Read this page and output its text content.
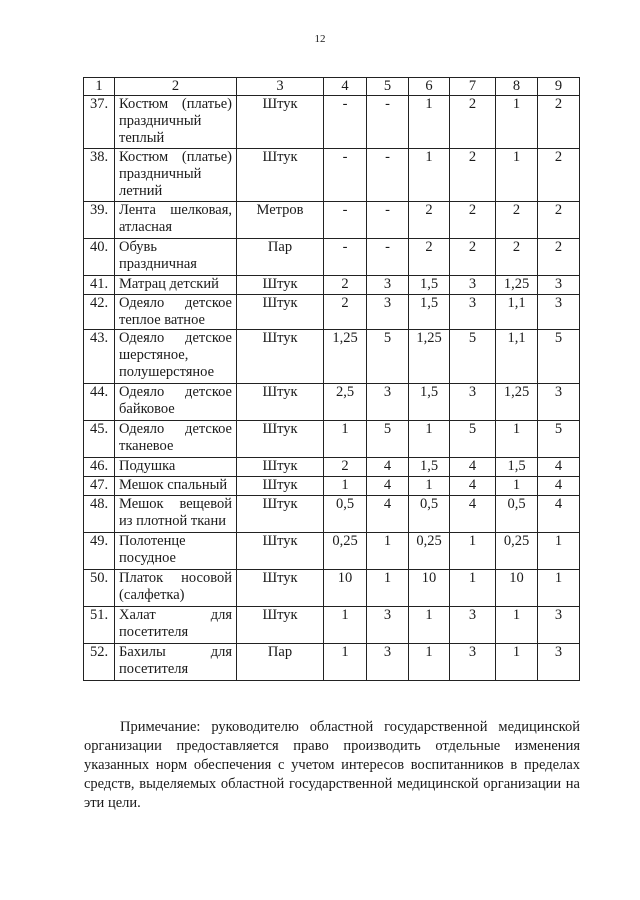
12
1	2	3	4	5	6	7	8	9
37.	Костюм (платье) праздничный теплый	Штук	-	-	1	2	1	2
38.	Костюм (платье) праздничный летний	Штук	-	-	1	2	1	2
39.	Лента шелковая, атласная	Метров	-	-	2	2	2	2
40.	Обувь праздничная	Пар	-	-	2	2	2	2
41.	Матрац детский	Штук	2	3	1,5	3	1,25	3
42.	Одеяло детское теплое ватное	Штук	2	3	1,5	3	1,1	3
43.	Одеяло детское шерстяное, полушерстяное	Штук	1,25	5	1,25	5	1,1	5
44.	Одеяло детское байковое	Штук	2,5	3	1,5	3	1,25	3
45.	Одеяло детское тканевое	Штук	1	5	1	5	1	5
46.	Подушка	Штук	2	4	1,5	4	1,5	4
47.	Мешок спальный	Штук	1	4	1	4	1	4
48.	Мешок вещевой из плотной ткани	Штук	0,5	4	0,5	4	0,5	4
49.	Полотенце посудное	Штук	0,25	1	0,25	1	0,25	1
50.	Платок носовой (салфетка)	Штук	10	1	10	1	10	1
51.	Халат для посетителя	Штук	1	3	1	3	1	3
52.	Бахилы для посетителя	Пар	1	3	1	3	1	3
Примечание: руководителю областной государственной медицинской организации предоставляется право производить отдельные изменения указанных норм обеспечения с учетом интересов воспитанников в пределах средств, выделяемых областной государственной медицинской организации на эти цели.
